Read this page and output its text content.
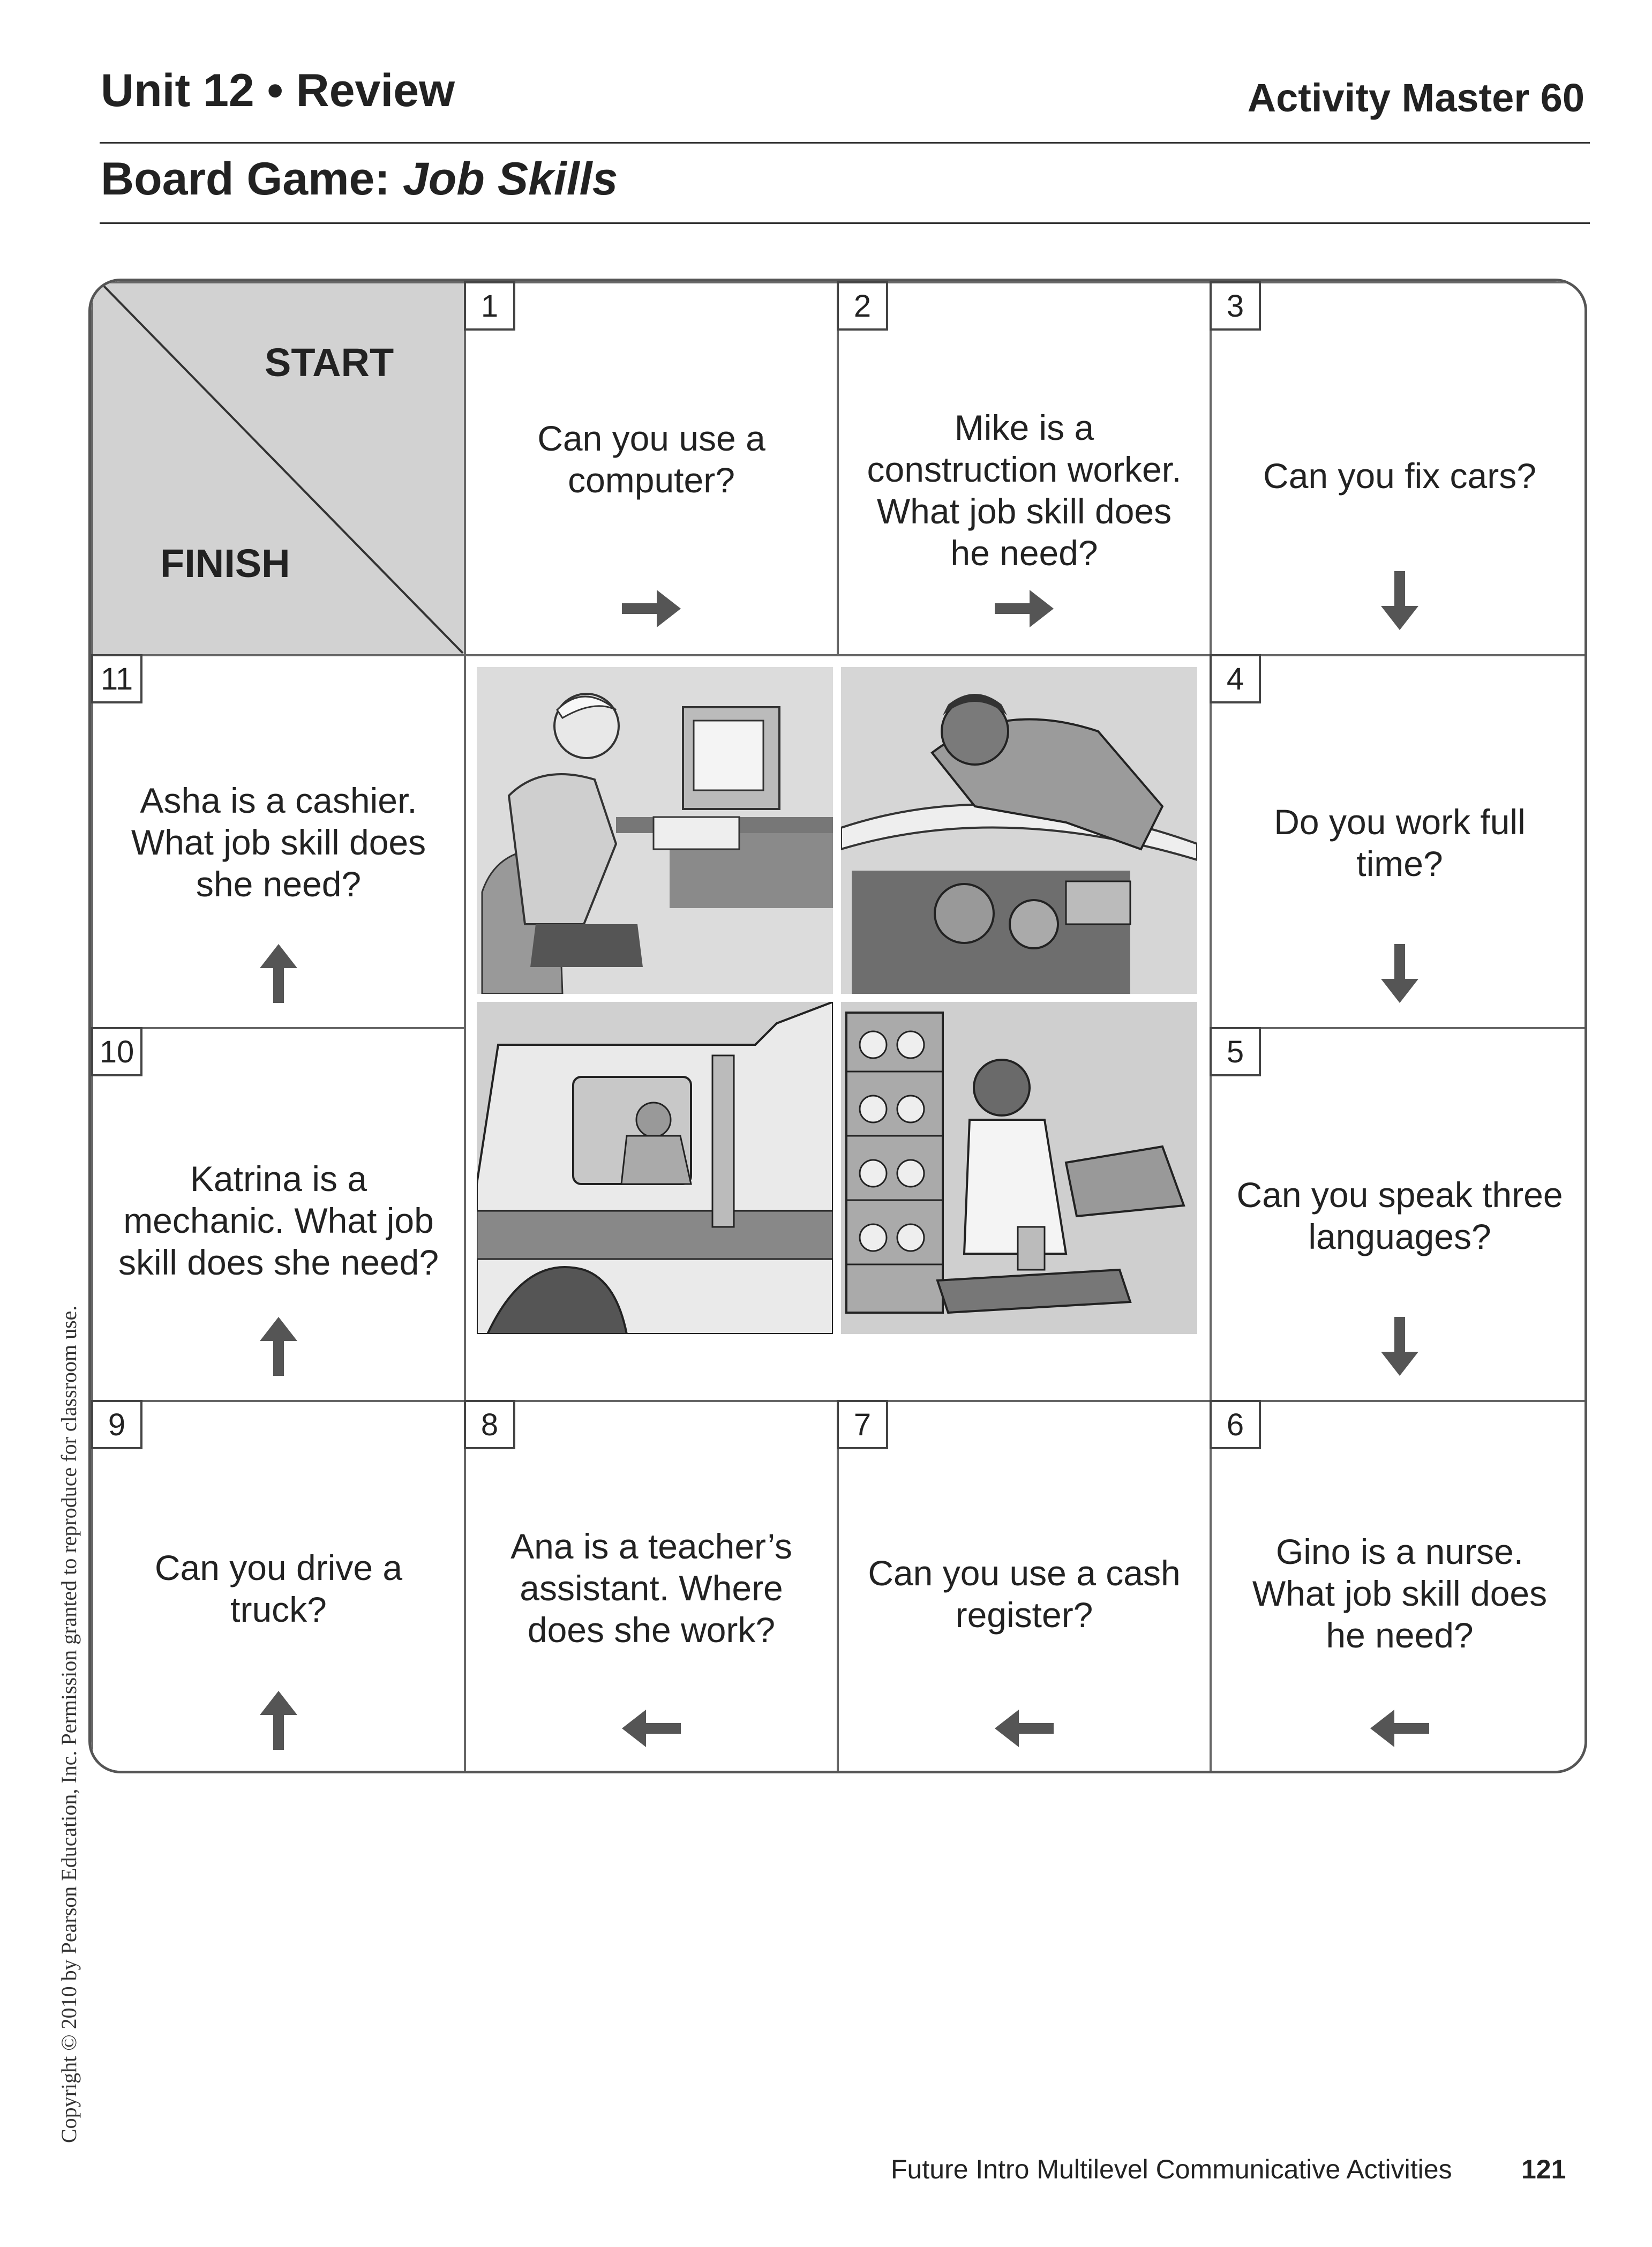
Unit 12 • Review	Activity Master 60
Board Game: Job Skills
START
FINISH
1
Can you use a computer?
2
Mike is a construction worker. What job skill does he need?
3
Can you fix cars?
11
Asha is a cashier. What job skill does she need?
10
Katrina is a mechanic. What job skill does she need?
4
Do you work full time?
5
Can you speak three languages?
9
Can you drive a truck?
8
Ana is a teacher’s assistant. Where does she work?
7
Can you use a cash register?
6
Gino is a nurse. What job skill does he need?
Future Intro Multilevel Communicative Activities	121
Copyright © 2010 by Pearson Education, Inc. Permission granted to reproduce for classroom use.
